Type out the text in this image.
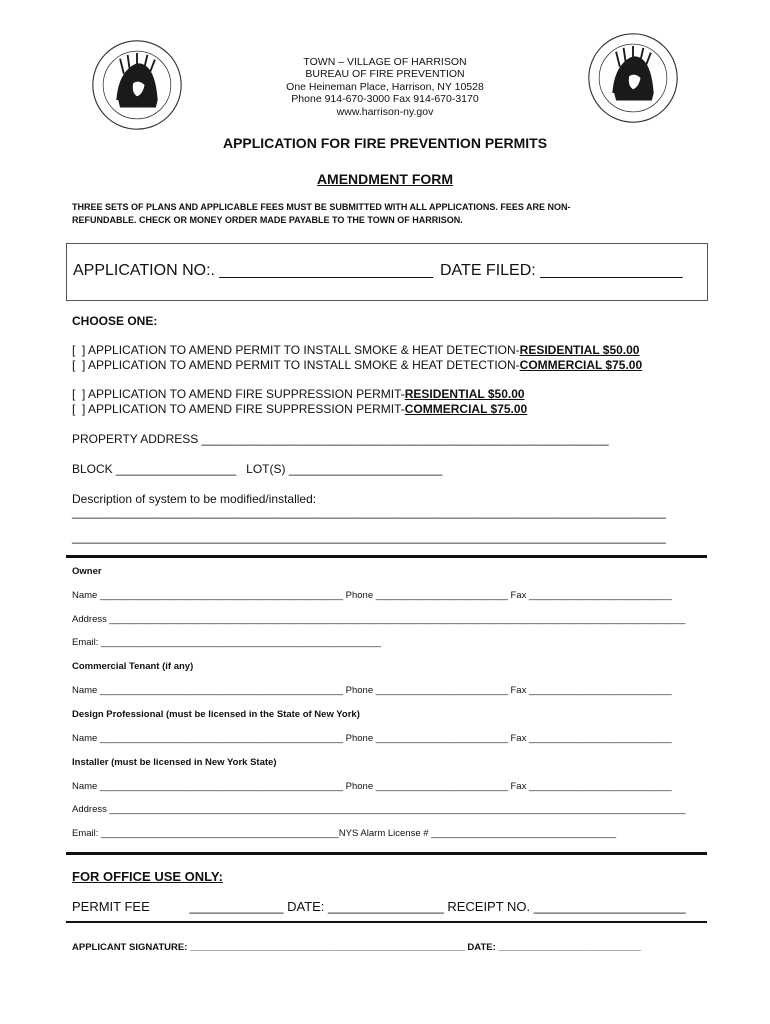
TOWN – VILLAGE OF HARRISON
BUREAU OF FIRE PREVENTION
One Heineman Place, Harrison, NY 10528
Phone 914-670-3000 Fax 914-670-3170
www.harrison-ny.gov
APPLICATION FOR FIRE PREVENTION PERMITS
AMENDMENT FORM
THREE SETS OF PLANS AND APPLICABLE FEES MUST BE SUBMITTED WITH ALL APPLICATIONS. FEES ARE NON-
REFUNDABLE. CHECK OR MONEY ORDER MADE PAYABLE TO THE TOWN OF HARRISON.
APPLICATION NO:. ________________________ DATE FILED: ________________
CHOOSE ONE:
[  ] APPLICATION TO AMEND PERMIT TO INSTALL SMOKE & HEAT DETECTION-RESIDENTIAL $50.00
[  ] APPLICATION TO AMEND PERMIT TO INSTALL SMOKE & HEAT DETECTION-COMMERCIAL $75.00
[  ] APPLICATION TO AMEND FIRE SUPPRESSION PERMIT-RESIDENTIAL $50.00
[  ] APPLICATION TO AMEND FIRE SUPPRESSION PERMIT-COMMERCIAL $75.00
PROPERTY ADDRESS _____________________________________________________________
BLOCK __________________   LOT(S) _______________________
Description of system to be modified/installed:
_________________________________________________________________________________________
_________________________________________________________________________________________
Owner
Name ______________________________________________ Phone _________________________ Fax ___________________________
Address _____________________________________________________________________________________________________________
Email: _____________________________________________________
Commercial Tenant (if any)
Name ______________________________________________ Phone _________________________ Fax ___________________________
Design Professional (must be licensed in the State of New York)
Name ______________________________________________ Phone _________________________ Fax ___________________________
Installer (must be licensed in New York State)
Name ______________________________________________ Phone _________________________ Fax ___________________________
Address _____________________________________________________________________________________________________________
Email: _____________________________________________NYS Alarm License # ___________________________________
FOR OFFICE USE ONLY:
PERMIT FEE           _____________ DATE: ________________ RECEIPT NO. _____________________
APPLICANT SIGNATURE: ____________________________________________________ DATE: ___________________________
